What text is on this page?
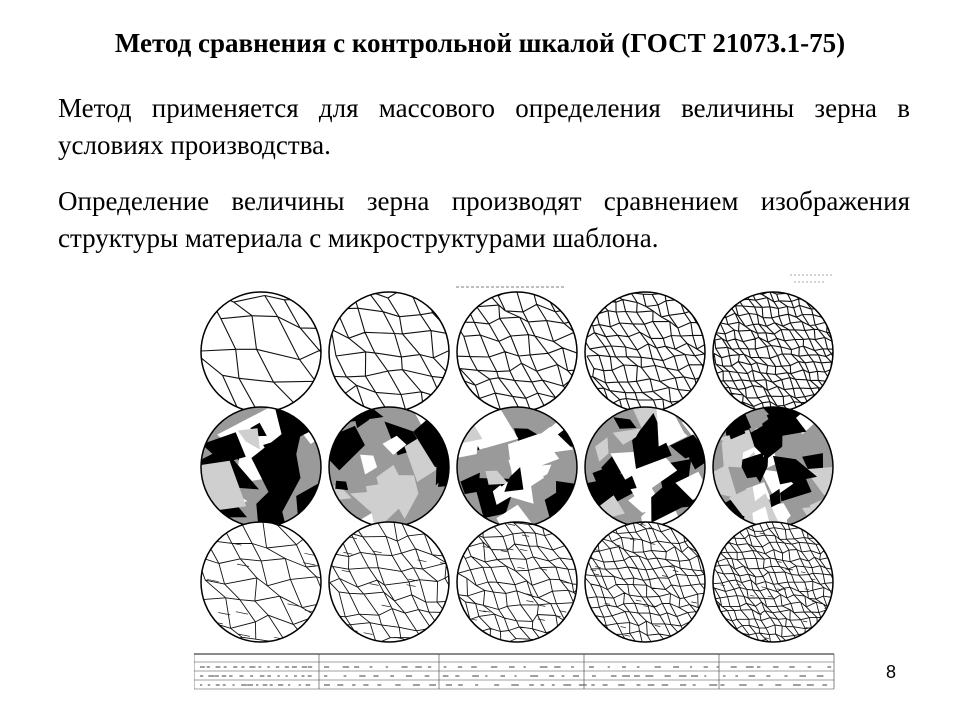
Метод сравнения с контрольной шкалой (ГОСТ 21073.1-75)

Метод применяется для массового определения величины зерна в условиях производства.

Определение величины зерна производят сравнением изображения структуры материала с микроструктурами шаблона.

8
